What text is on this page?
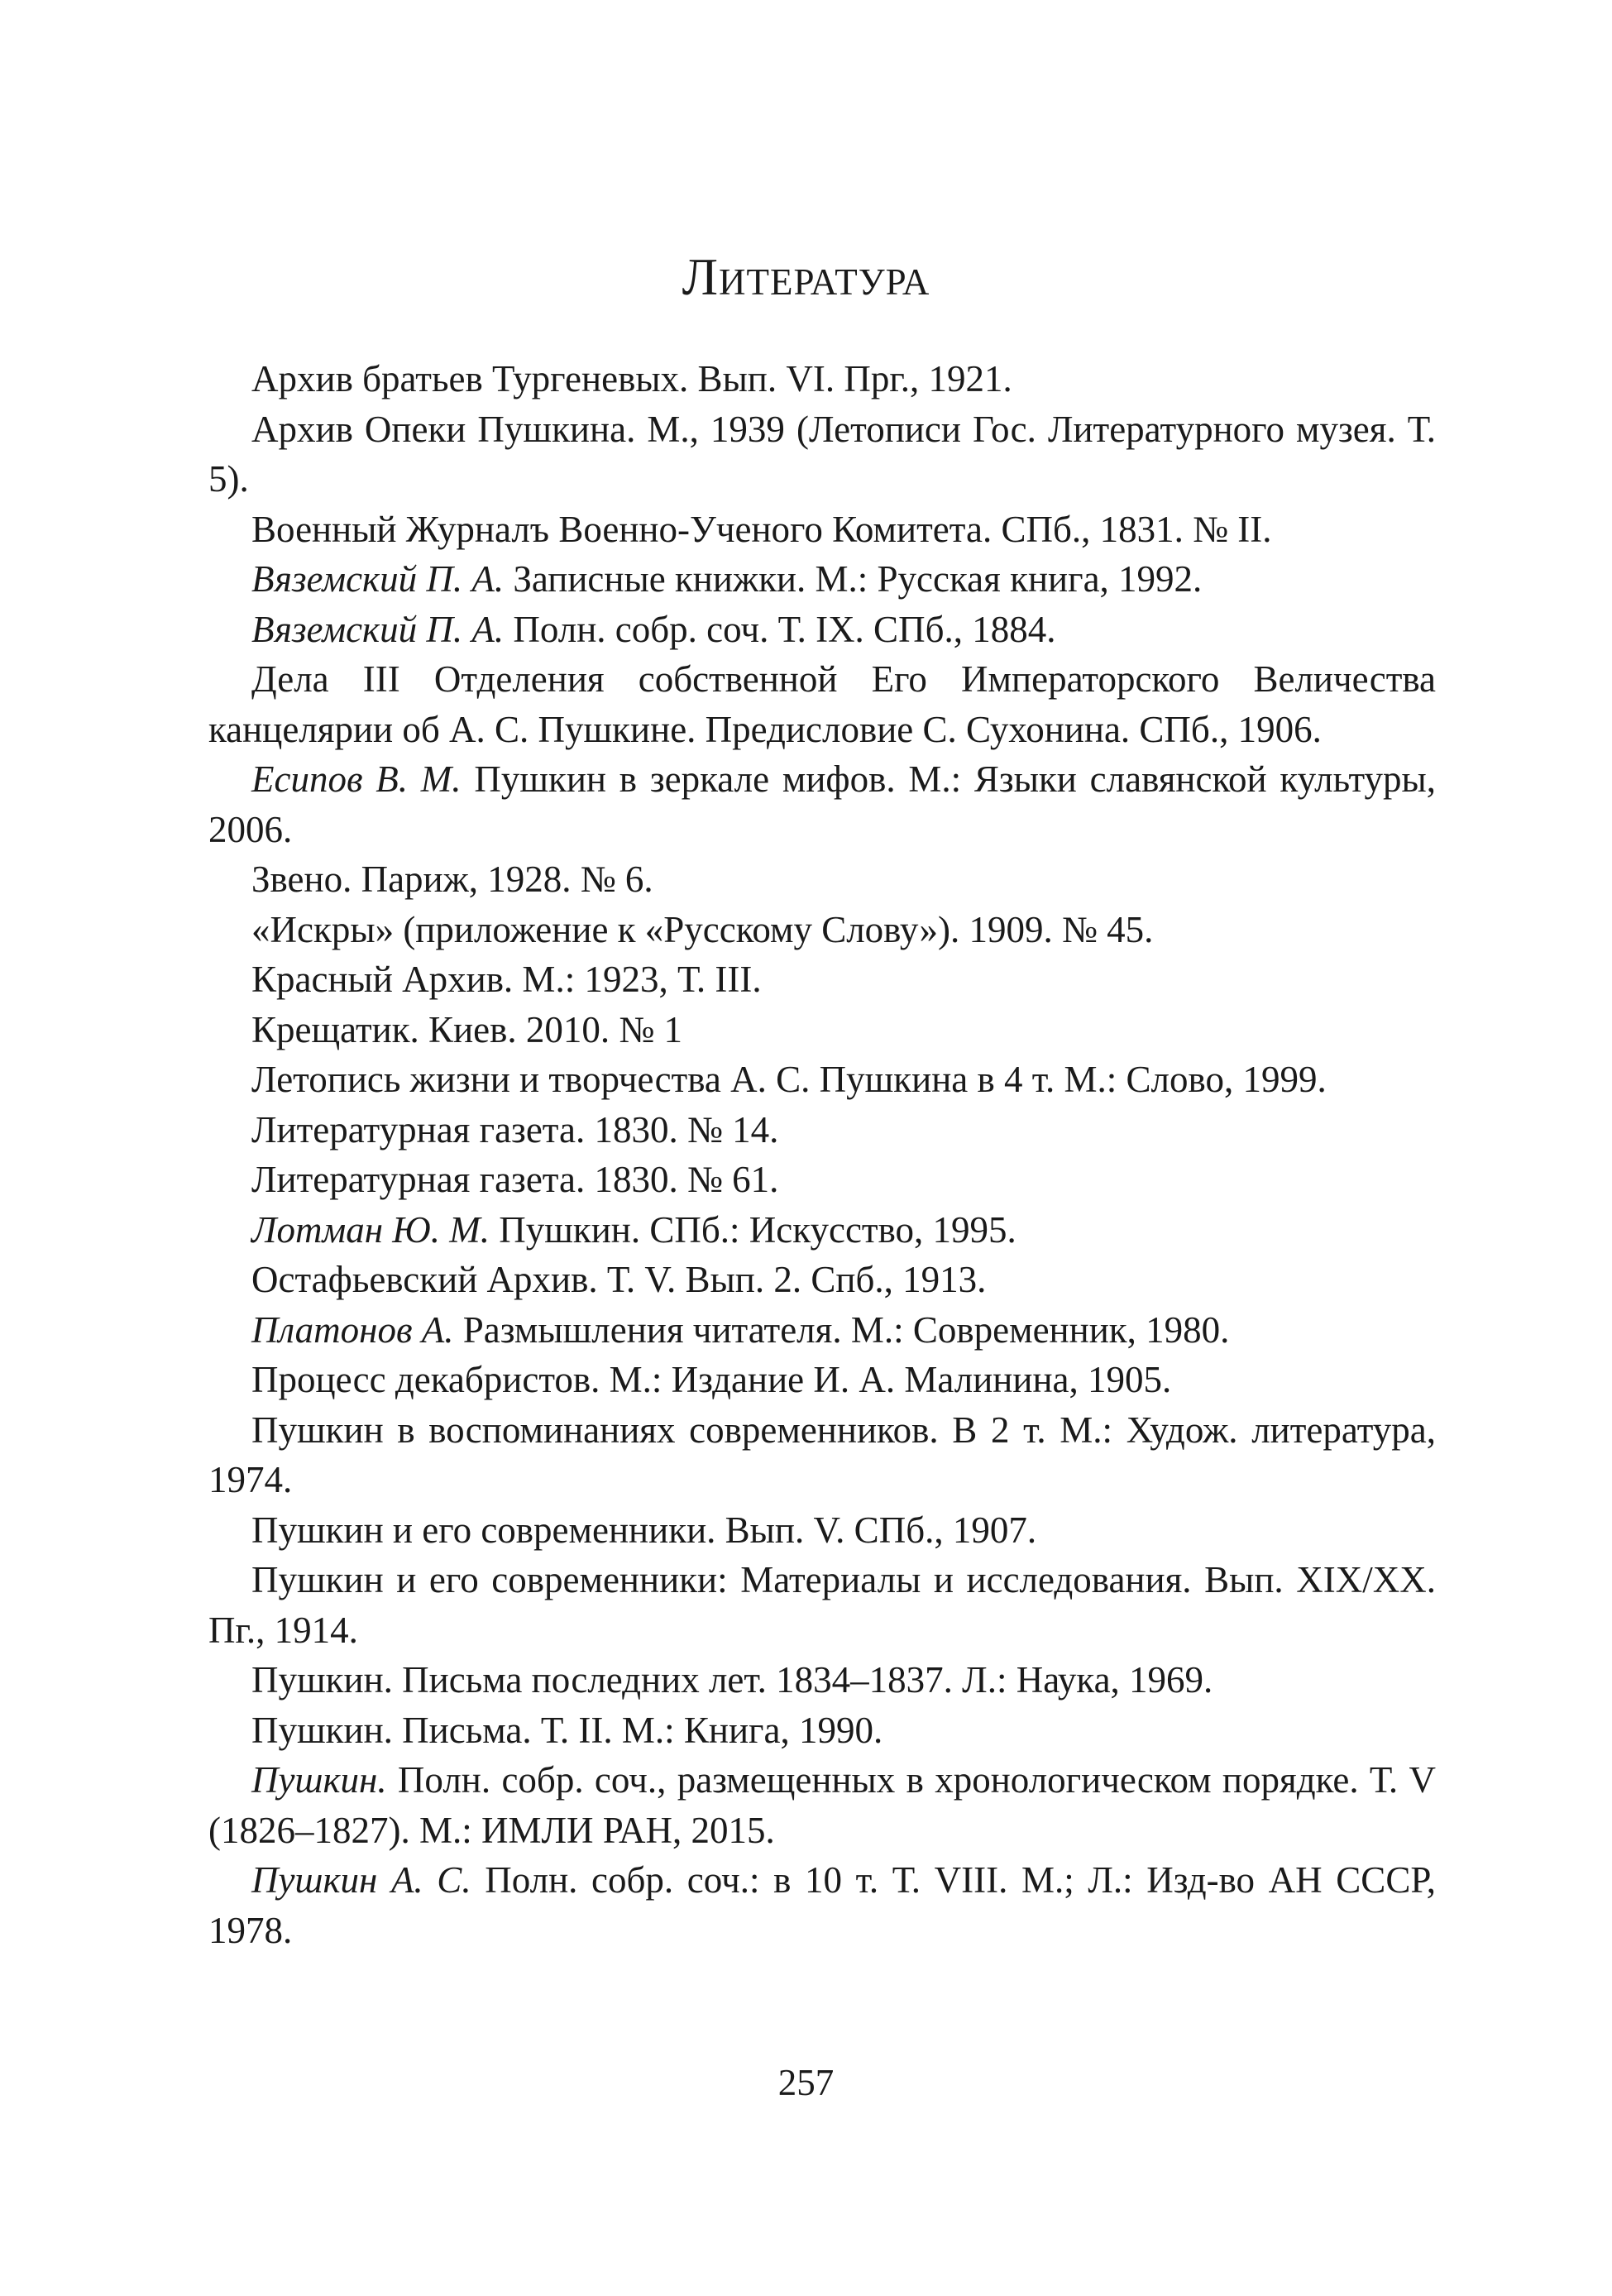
Литература
Архив братьев Тургеневых. Вып. VI. Прг., 1921.
Архив Опеки Пушкина. М., 1939 (Летописи Гос. Литературного музея. Т. 5).
Военный Журналъ Военно-Ученого Комитета. СПб., 1831. № II.
Вяземский П. А. Записные книжки. М.: Русская книга, 1992.
Вяземский П. А. Полн. собр. соч. Т. IX. СПб., 1884.
Дела III Отделения собственной Его Императорского Величества канцелярии об А. С. Пушкине. Предисловие С. Сухонина. СПб., 1906.
Есипов В. М. Пушкин в зеркале мифов. М.: Языки славянской культуры, 2006.
Звено. Париж, 1928. № 6.
«Искры» (приложение к «Русскому Слову»). 1909. № 45.
Красный Архив. М.: 1923, Т. III.
Крещатик. Киев. 2010. № 1
Летопись жизни и творчества А. С. Пушкина в 4 т. М.: Слово, 1999.
Литературная газета. 1830. № 14.
Литературная газета. 1830. № 61.
Лотман Ю. М. Пушкин. СПб.: Искусство, 1995.
Остафьевский Архив. Т. V. Вып. 2. Спб., 1913.
Платонов А. Размышления читателя. М.: Современник, 1980.
Процесс декабристов. М.: Издание И. А. Малинина, 1905.
Пушкин в воспоминаниях современников. В 2 т. М.: Худож. литература, 1974.
Пушкин и его современники. Вып. V. СПб., 1907.
Пушкин и его современники: Материалы и исследования. Вып. XIX/XX. Пг., 1914.
Пушкин. Письма последних лет. 1834–1837. Л.: Наука, 1969.
Пушкин. Письма. Т. II. М.: Книга, 1990.
Пушкин. Полн. собр. соч., размещенных в хронологическом порядке. Т. V (1826–1827). М.: ИМЛИ РАН, 2015.
Пушкин А. С. Полн. собр. соч.: в 10 т. Т. VIII. М.; Л.: Изд-во АН СССР, 1978.
257
